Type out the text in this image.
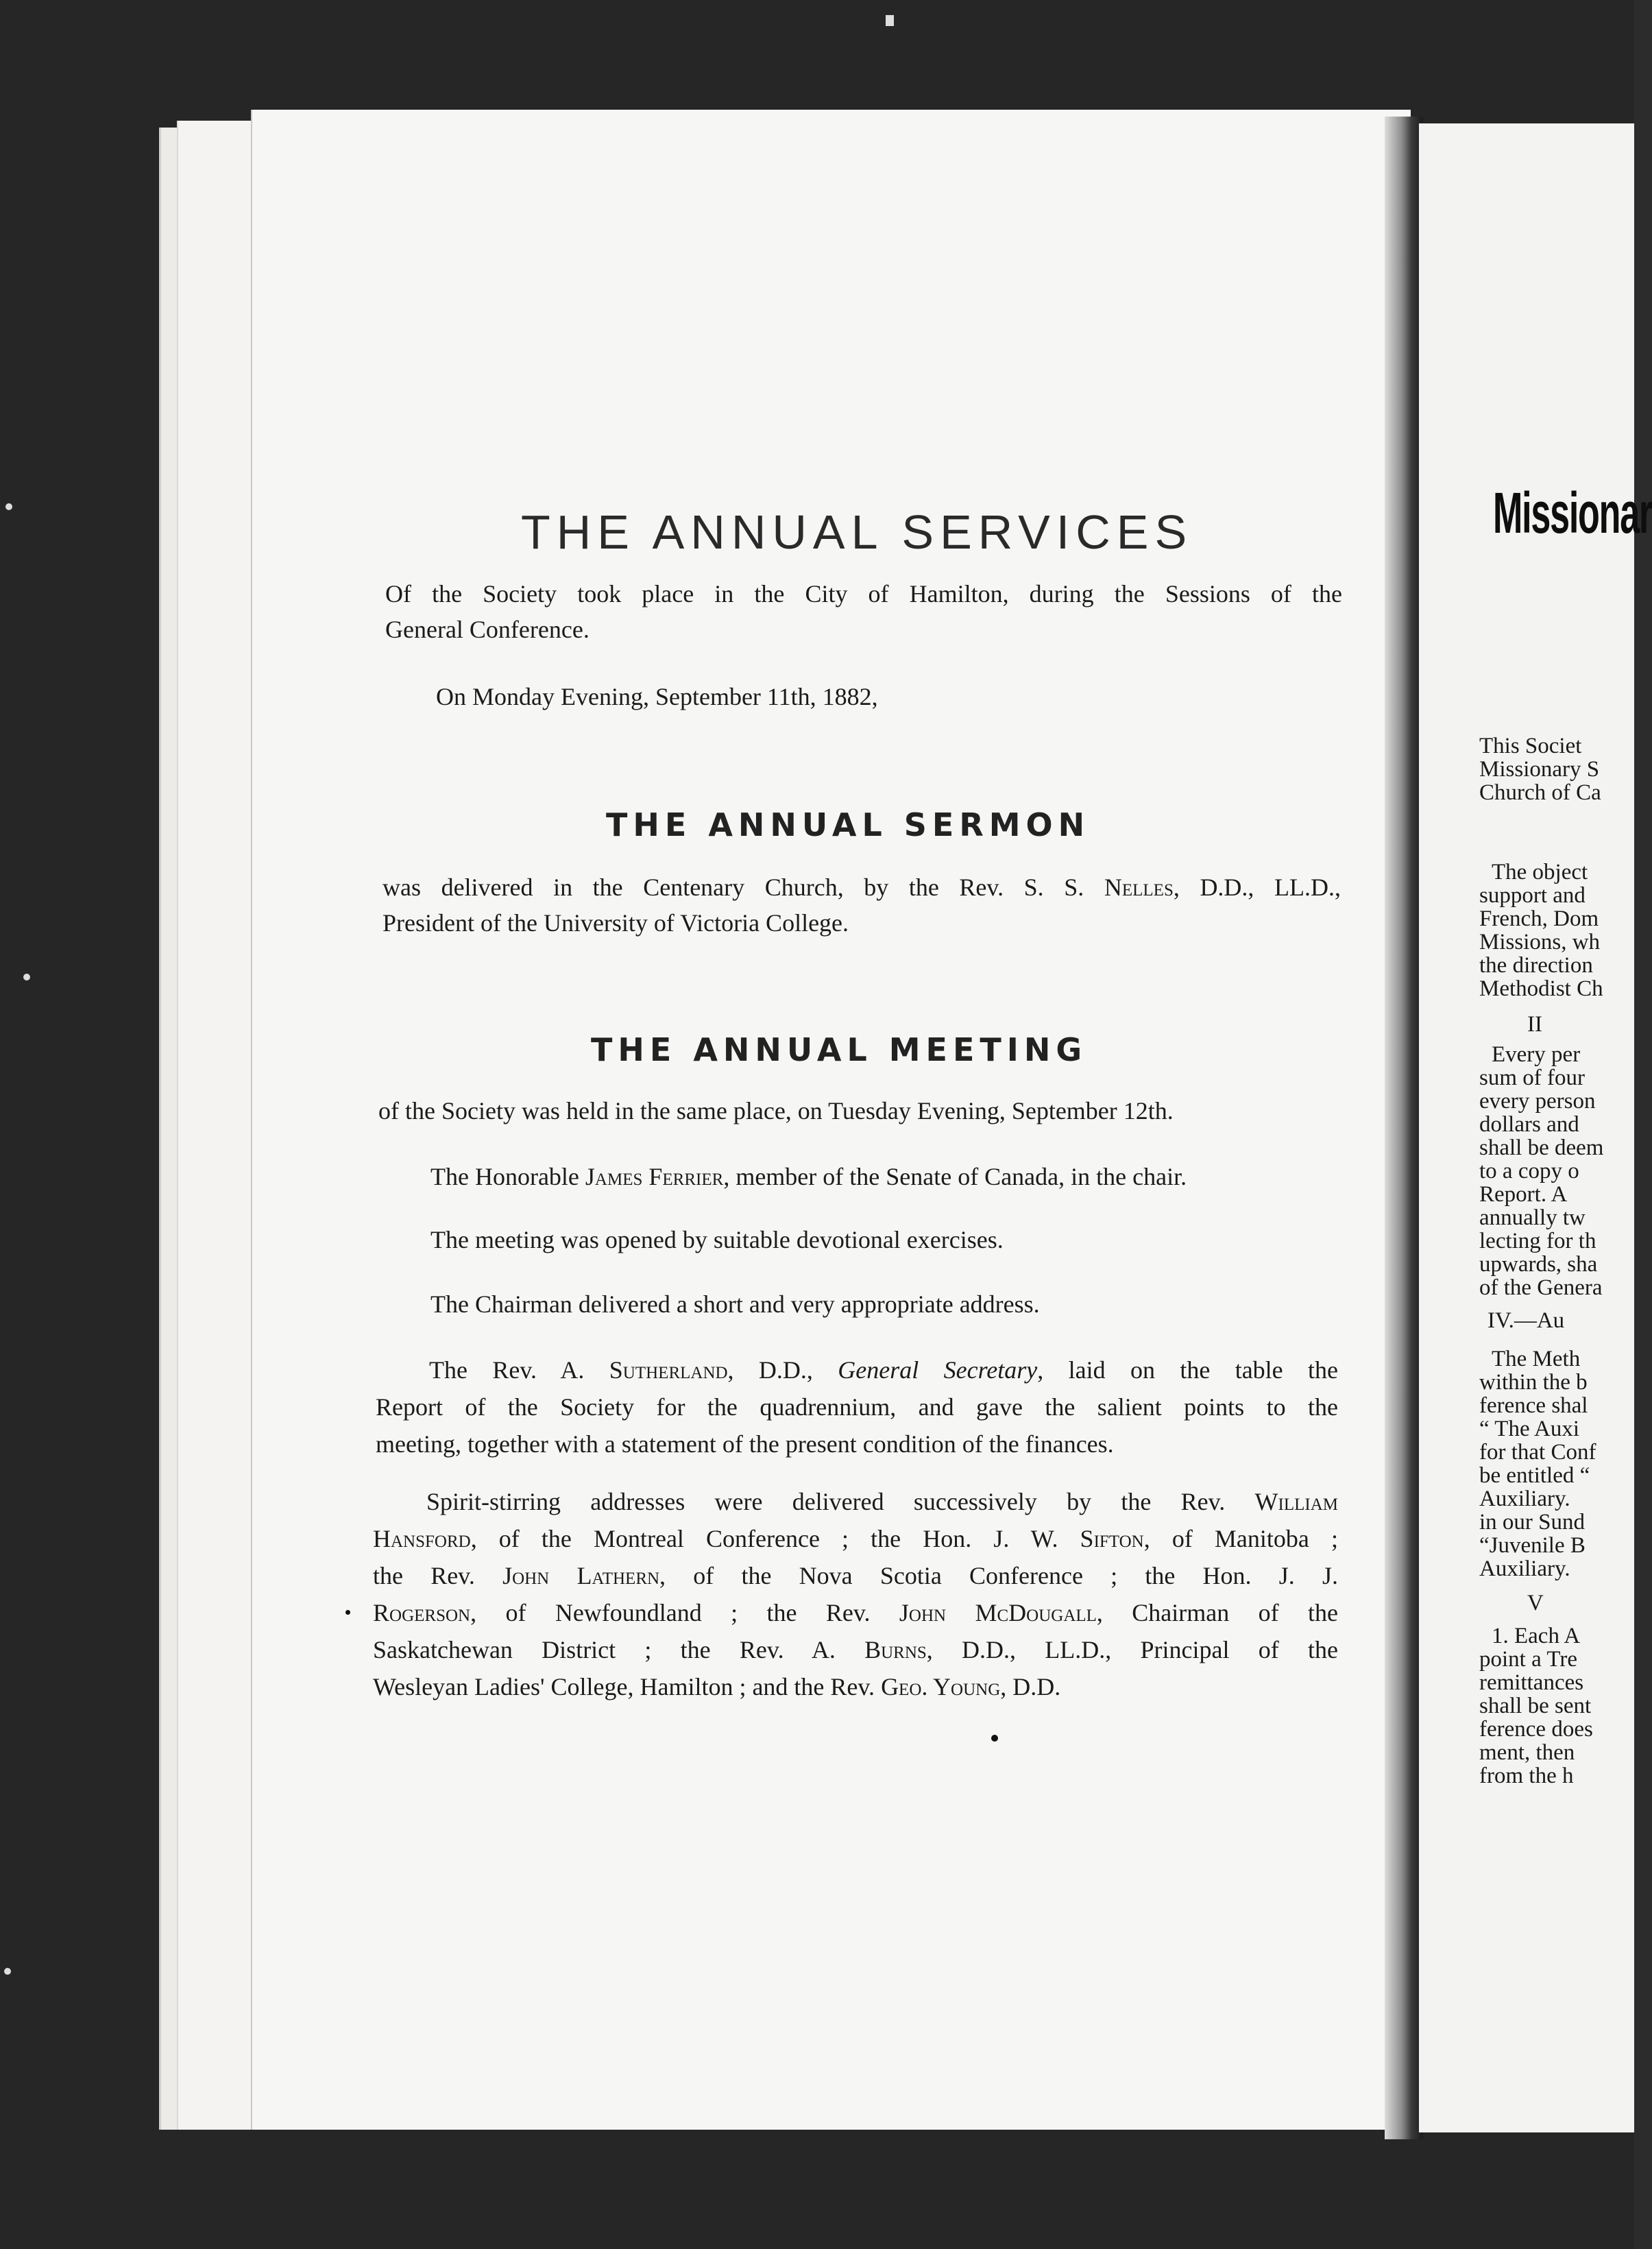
Missionar
This Societ
Missionary S
Church of Ca
The object
support and
French, Dom
Missions, wh
the direction
Methodist Ch
II
Every per
sum of four
every person
dollars and
shall be deem
to a copy o
Report. A
annually tw
lecting for th
upwards, sha
of the Genera
IV.—Au
The Meth
within the b
ference shal
“ The Auxi
for that Conf
be entitled “
Auxiliary.
in our Sund
“Juvenile B
Auxiliary.
V
1. Each A
point a Tre
remittances
shall be sent
ference does
ment, then
from the h
THE ANNUAL SERVICES
Of the Society took place in the City of Hamilton, during the Sessions of the
General Conference.
On Monday Evening, September 11th, 1882,
THE ANNUAL SERMON
was delivered in the Centenary Church, by the Rev. S. S. Nelles, D.D., LL.D.,
President of the University of Victoria College.
THE ANNUAL MEETING
of the Society was held in the same place, on Tuesday Evening, September 12th.
The Honorable James Ferrier, member of the Senate of Canada, in the chair.
The meeting was opened by suitable devotional exercises.
The Chairman delivered a short and very appropriate address.
The Rev. A. Sutherland, D.D., General Secretary, laid on the table the
Report of the Society for the quadrennium, and gave the salient points to the
meeting, together with a statement of the present condition of the finances.
Spirit-stirring addresses were delivered successively by the Rev. William
Hansford, of the Montreal Conference ; the Hon. J. W. Sifton, of Manitoba ;
the Rev. John Lathern, of the Nova Scotia Conference ; the Hon. J. J.
Rogerson, of Newfoundland ; the Rev. John McDougall, Chairman of the
Saskatchewan District ; the Rev. A. Burns, D.D., LL.D., Principal of the
Wesleyan Ladies' College, Hamilton ; and the Rev. Geo. Young, D.D.
